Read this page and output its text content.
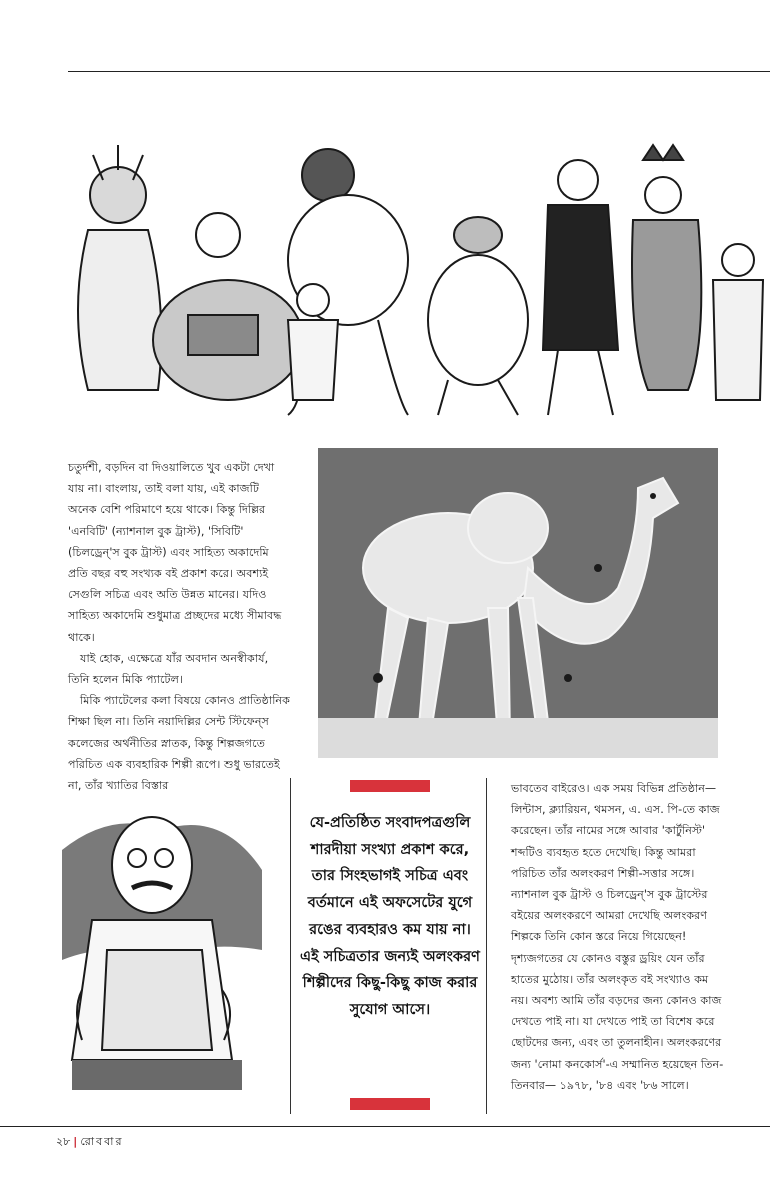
চতুর্দশী, বড়দিন বা দিওয়ালিতে খুব একটা দেখা যায় না। বাংলায়, তাই বলা যায়, এই কাজটি অনেক বেশি পরিমাণে হয়ে থাকে। কিন্তু দিল্লির 'এনবিটি' (ন্যাশনাল বুক ট্রাস্ট), 'সিবিটি' (চিলড্রেন্‌'স বুক ট্রাস্ট) এবং সাহিত্য অকাদেমি প্রতি বছর বহু সংখ্যক বই প্রকাশ করে। অবশ্যই সেগুলি সচিত্র এবং অতি উন্নত মানের। যদিও সাহিত্য অকাদেমি শুধুমাত্র প্রচ্ছদের মধ্যে সীমাবদ্ধ থাকে।

যাই হোক, এক্ষেত্রে যাঁর অবদান অনস্বীকার্য, তিনি হলেন মিকি প্যাটেল।

মিকি প্যাটেলের কলা বিষয়ে কোনও প্রাতিষ্ঠানিক শিক্ষা ছিল না। তিনি নয়াদিল্লির সেন্ট স্টিফেন্‌স কলেজের অর্থনীতির স্নাতক, কিন্তু শিল্পজগতে পরিচিত এক ব্যবহারিক শিল্পী রূপে। শুধু ভারতেই না, তাঁর খ্যাতির বিস্তার

যে-প্রতিষ্ঠিত সংবাদপত্রগুলি শারদীয়া সংখ্যা প্রকাশ করে, তার সিংহভাগই সচিত্র এবং বর্তমানে এই অফসেটের যুগে রঙের ব্যবহারও কম যায় না। এই সচিত্রতার জন্যই অলংকরণ শিল্পীদের কিছু-কিছু কাজ করার সুযোগ আসে।
ভাবতেব বাইরেও। এক সময় বিভিন্ন প্রতিষ্ঠান— লিন্টাস, ক্ল্যারিয়ন, থমসন, এ. এস. পি-তে কাজ করেছেন। তাঁর নামের সঙ্গে আবার 'কার্টুনিস্ট' শব্দটিও ব্যবহৃত হতে দেখেছি। কিন্তু আমরা পরিচিত তাঁর অলংকরণ শিল্পী-সত্তার সঙ্গে। ন্যাশনাল বুক ট্রাস্ট ও চিলড্রেন্‌'স বুক ট্রাস্টের বইয়ের অলংকরণে আমরা দেখেছি অলংকরণ শিল্পকে তিনি কোন স্তরে নিয়ে গিয়েছেন! দৃশ্যজগতের যে কোনও বস্তুর ড্রয়িং যেন তাঁর হাতের মুঠোয়। তাঁর অলংকৃত বই সংখ্যাও কম নয়। অবশ্য আমি তাঁর বড়দের জন্য কোনও কাজ দেখতে পাই না। যা দেখতে পাই তা বিশেষ করে ছোটদের জন্য, এবং তা তুলনাহীন। অলংকরণের জন্য 'নোমা কনকোর্স'-এ সম্মানিত হয়েছেন তিন-তিনবার— ১৯৭৮, '৮৪ এবং '৮৬ সালে।
২৮ | রোববার
